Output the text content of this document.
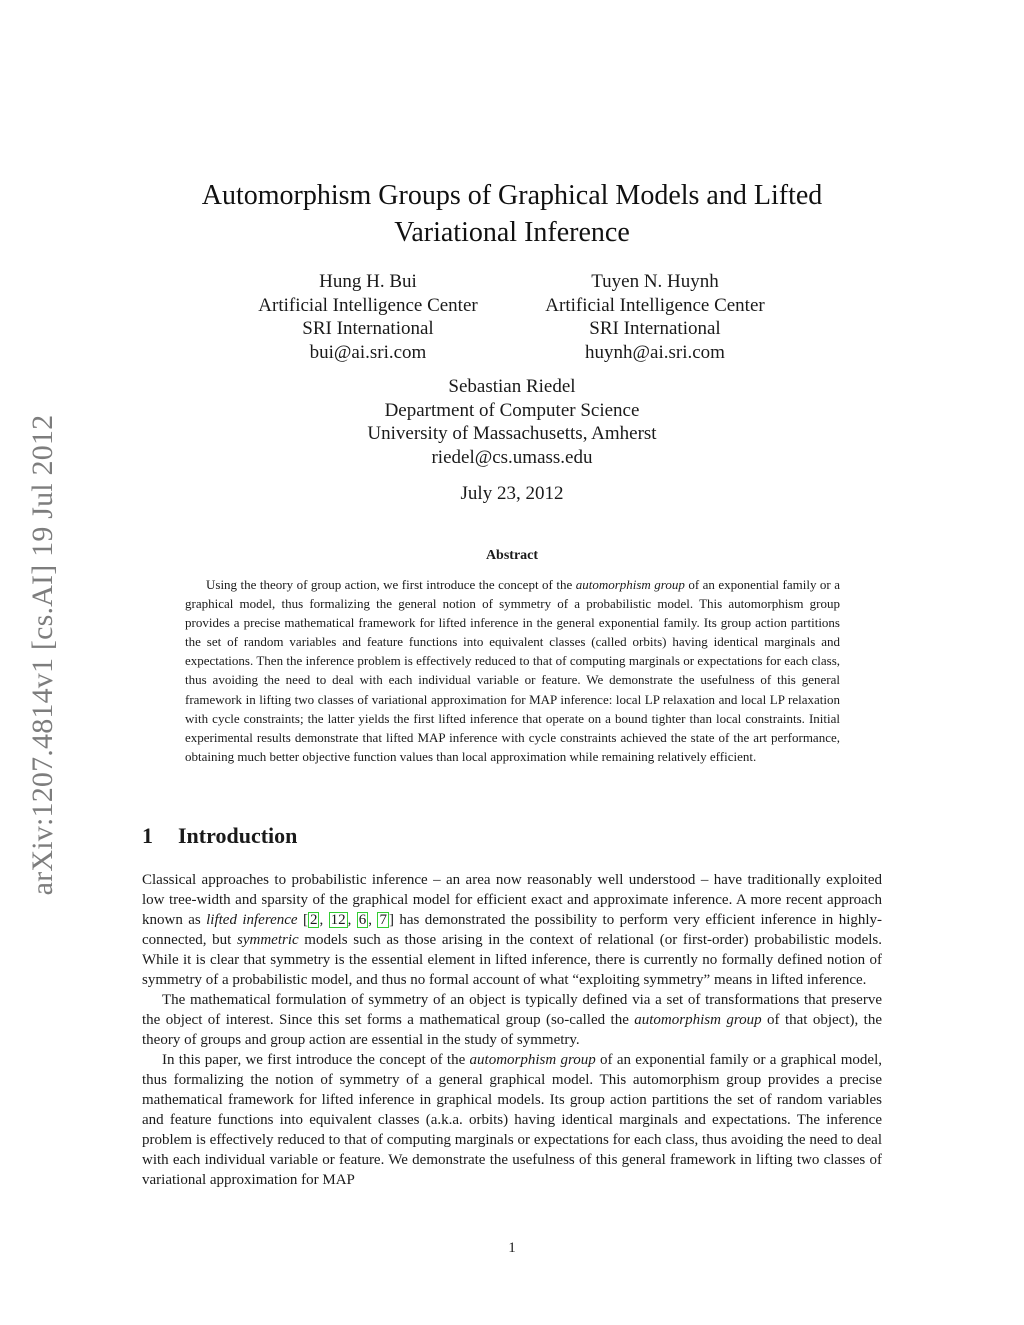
arXiv:1207.4814v1 [cs.AI] 19 Jul 2012
Automorphism Groups of Graphical Models and Lifted Variational Inference
Hung H. Bui
Artificial Intelligence Center
SRI International
bui@ai.sri.com
Tuyen N. Huynh
Artificial Intelligence Center
SRI International
huynh@ai.sri.com
Sebastian Riedel
Department of Computer Science
University of Massachusetts, Amherst
riedel@cs.umass.edu
July 23, 2012
Abstract

Using the theory of group action, we first introduce the concept of the automorphism group of an exponential family or a graphical model, thus formalizing the general notion of symmetry of a probabilistic model. This automorphism group provides a precise mathematical framework for lifted inference in the general exponential family. Its group action partitions the set of random variables and feature functions into equivalent classes (called orbits) having identical marginals and expectations. Then the inference problem is effectively reduced to that of computing marginals or expectations for each class, thus avoiding the need to deal with each individual variable or feature. We demonstrate the usefulness of this general framework in lifting two classes of variational approximation for MAP inference: local LP relaxation and local LP relaxation with cycle constraints; the latter yields the first lifted inference that operate on a bound tighter than local constraints. Initial experimental results demonstrate that lifted MAP inference with cycle constraints achieved the state of the art performance, obtaining much better objective function values than local approximation while remaining relatively efficient.

1 Introduction

Classical approaches to probabilistic inference – an area now reasonably well understood – have traditionally exploited low tree-width and sparsity of the graphical model for efficient exact and approximate inference. A more recent approach known as lifted inference [ 2 , 12 , 6 , 7 ] has demonstrated the possibility to perform very efficient inference in highly-connected, but symmetric models such as those arising in the context of relational (or first-order) probabilistic models. While it is clear that symmetry is the essential element in lifted inference, there is currently no formally defined notion of symmetry of a probabilistic model, and thus no formal account of what “exploiting symmetry” means in lifted inference.

The mathematical formulation of symmetry of an object is typically defined via a set of transformations that preserve the object of interest. Since this set forms a mathematical group (so-called the automorphism group of that object), the theory of groups and group action are essential in the study of symmetry.

In this paper, we first introduce the concept of the automorphism group of an exponential family or a graphical model, thus formalizing the notion of symmetry of a general graphical model. This automorphism group provides a precise mathematical framework for lifted inference in graphical models. Its group action partitions the set of random variables and feature functions into equivalent classes (a.k.a. orbits) having identical marginals and expectations. The inference problem is effectively reduced to that of computing marginals or expectations for each class, thus avoiding the need to deal with each individual variable or feature. We demonstrate the usefulness of this general framework in lifting two classes of variational approximation for MAP

1
